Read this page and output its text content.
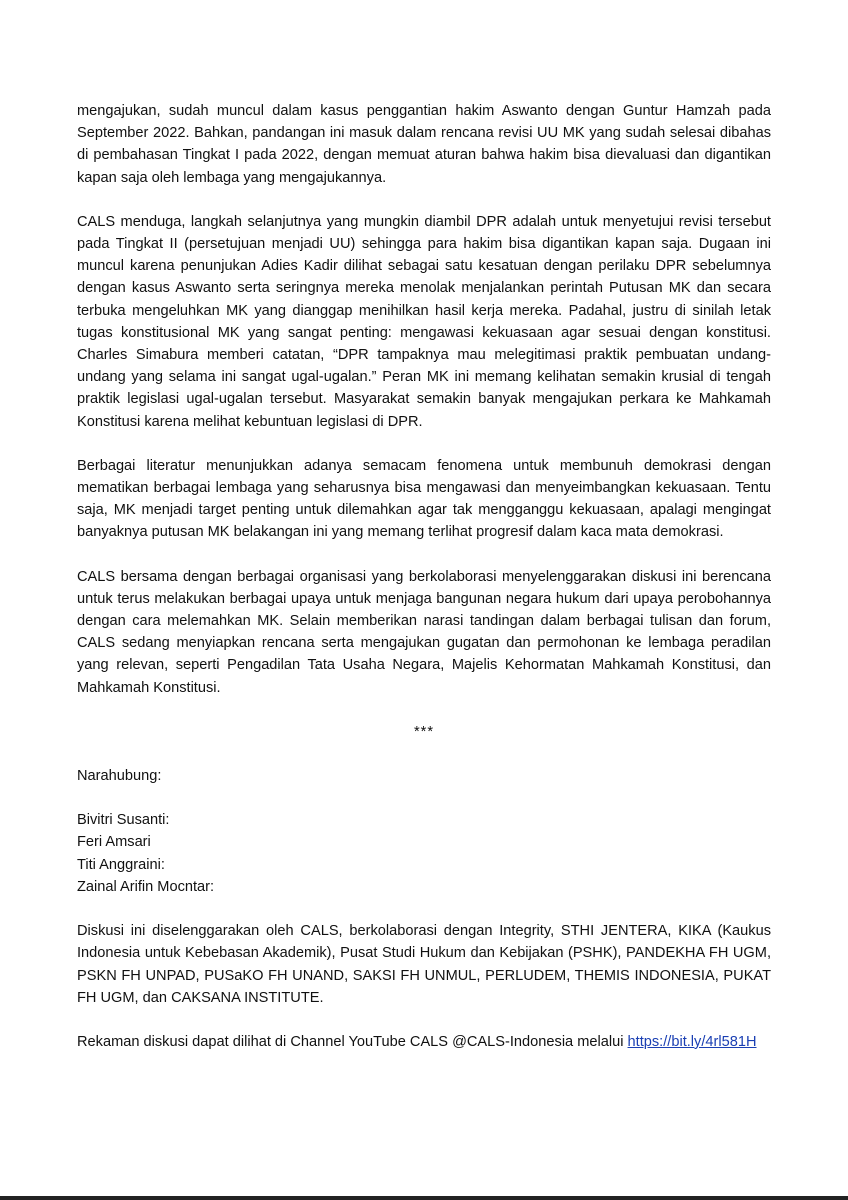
mengajukan, sudah muncul dalam kasus penggantian hakim Aswanto dengan Guntur Hamzah pada September 2022. Bahkan, pandangan ini masuk dalam rencana revisi UU MK yang sudah selesai dibahas di pembahasan Tingkat I pada 2022, dengan memuat aturan bahwa hakim bisa dievaluasi dan digantikan kapan saja oleh lembaga yang mengajukannya.

CALS menduga, langkah selanjutnya yang mungkin diambil DPR adalah untuk menyetujui revisi tersebut pada Tingkat II (persetujuan menjadi UU) sehingga para hakim bisa digantikan kapan saja. Dugaan ini muncul karena penunjukan Adies Kadir dilihat sebagai satu kesatuan dengan perilaku DPR sebelumnya dengan kasus Aswanto serta seringnya mereka menolak menjalankan perintah Putusan MK dan secara terbuka mengeluhkan MK yang dianggap menihilkan hasil kerja mereka. Padahal, justru di sinilah letak tugas konstitusional MK yang sangat penting: mengawasi kekuasaan agar sesuai dengan konstitusi. Charles Simabura memberi catatan, “DPR tampaknya mau melegitimasi praktik pembuatan undang-undang yang selama ini sangat ugal-ugalan.” Peran MK ini memang kelihatan semakin krusial di tengah praktik legislasi ugal-ugalan tersebut. Masyarakat semakin banyak mengajukan perkara ke Mahkamah Konstitusi karena melihat kebuntuan legislasi di DPR.

Berbagai literatur menunjukkan adanya semacam fenomena untuk membunuh demokrasi dengan mematikan berbagai lembaga yang seharusnya bisa mengawasi dan menyeimbangkan kekuasaan. Tentu saja, MK menjadi target penting untuk dilemahkan agar tak mengganggu kekuasaan, apalagi mengingat banyaknya putusan MK belakangan ini yang memang terlihat progresif dalam kaca mata demokrasi.

CALS bersama dengan berbagai organisasi yang berkolaborasi menyelenggarakan diskusi ini berencana untuk terus melakukan berbagai upaya untuk menjaga bangunan negara hukum dari upaya perobohannya dengan cara melemahkan MK. Selain memberikan narasi tandingan dalam berbagai tulisan dan forum, CALS sedang menyiapkan rencana serta mengajukan gugatan dan permohonan ke lembaga peradilan yang relevan, seperti Pengadilan Tata Usaha Negara, Majelis Kehormatan Mahkamah Konstitusi, dan Mahkamah Konstitusi.

***

Narahubung:

Bivitri Susanti:

Feri Amsari

Titi Anggraini:

Zainal Arifin Mocntar:

Diskusi ini diselenggarakan oleh CALS, berkolaborasi dengan Integrity, STHI JENTERA, KIKA (Kaukus Indonesia untuk Kebebasan Akademik), Pusat Studi Hukum dan Kebijakan (PSHK), PANDEKHA FH UGM, PSKN FH UNPAD, PUSaKO FH UNAND, SAKSI FH UNMUL, PERLUDEM, THEMIS INDONESIA, PUKAT FH UGM, dan CAKSANA INSTITUTE.

Rekaman diskusi dapat dilihat di Channel YouTube CALS @CALS-Indonesia melalui https://bit.ly/4rl581H
